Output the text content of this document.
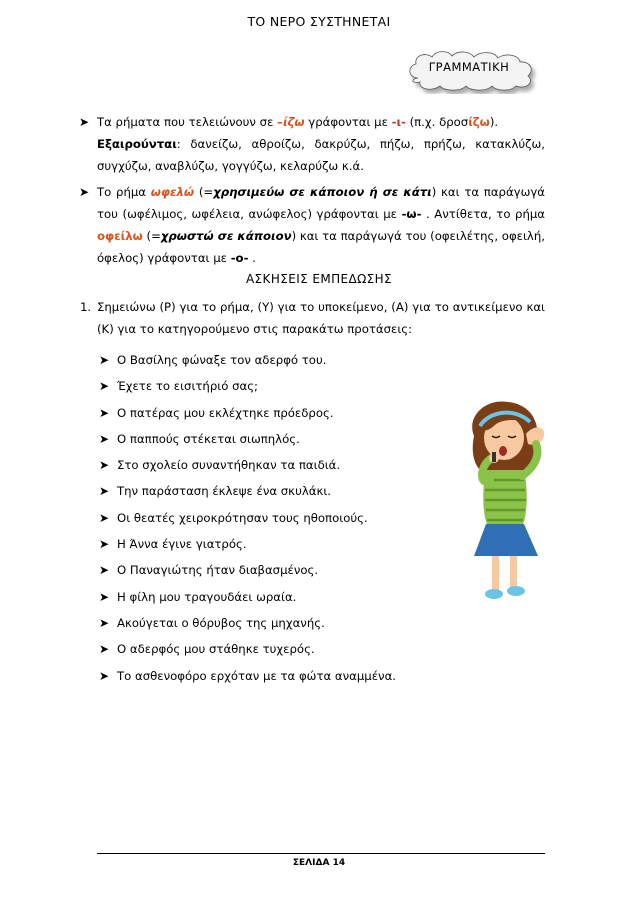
ΤΟ ΝΕΡΟ ΣΥΣΤΗΝΕΤΑΙ
ΓΡΑΜΜΑΤΙΚΗ
➤ Τα ρήματα που τελειώνουν σε –ίζω γράφονται με -ι- (π.χ. δροσίζω).
Εξαιρούνται: δανείζω, αθροίζω, δακρύζω, πήζω, πρήζω, κατακλύζω, συγχύζω, αναβλύζω, γογγύζω, κελαρύζω κ.ά.
➤ Το ρήμα ωφελώ (=χρησιμεύω σε κάποιον ή σε κάτι) και τα παράγωγά του (ωφέλιμος, ωφέλεια, ανώφελος) γράφονται με -ω- . Αντίθετα, το ρήμα οφείλω (=χρωστώ σε κάποιον) και τα παράγωγά του (οφειλέτης, οφειλή, όφελος) γράφονται με -ο- .
ΑΣΚΗΣΕΙΣ ΕΜΠΕΔΩΣΗΣ
1. Σημειώνω (Ρ) για το ρήμα, (Υ) για το υποκείμενο, (Α) για το αντικείμενο και (Κ) για το κατηγορούμενο στις παρακάτω προτάσεις:
➤ Ο Βασίλης φώναξε τον αδερφό του.
➤ Έχετε το εισιτήριό σας;
➤ Ο πατέρας μου εκλέχτηκε πρόεδρος.
➤ Ο παππούς στέκεται σιωπηλός.
➤ Στο σχολείο συναντήθηκαν τα παιδιά.
➤ Την παράσταση έκλεψε ένα σκυλάκι.
➤ Οι θεατές χειροκρότησαν τους ηθοποιούς.
➤ Η Άννα έγινε γιατρός.
➤ Ο Παναγιώτης ήταν διαβασμένος.
➤ Η φίλη μου τραγουδάει ωραία.
➤ Ακούγεται ο θόρυβος της μηχανής.
➤ Ο αδερφός μου στάθηκε τυχερός.
➤ Το ασθενοφόρο ερχόταν με τα φώτα αναμμένα.
ΣΕΛΙΔΑ 14
